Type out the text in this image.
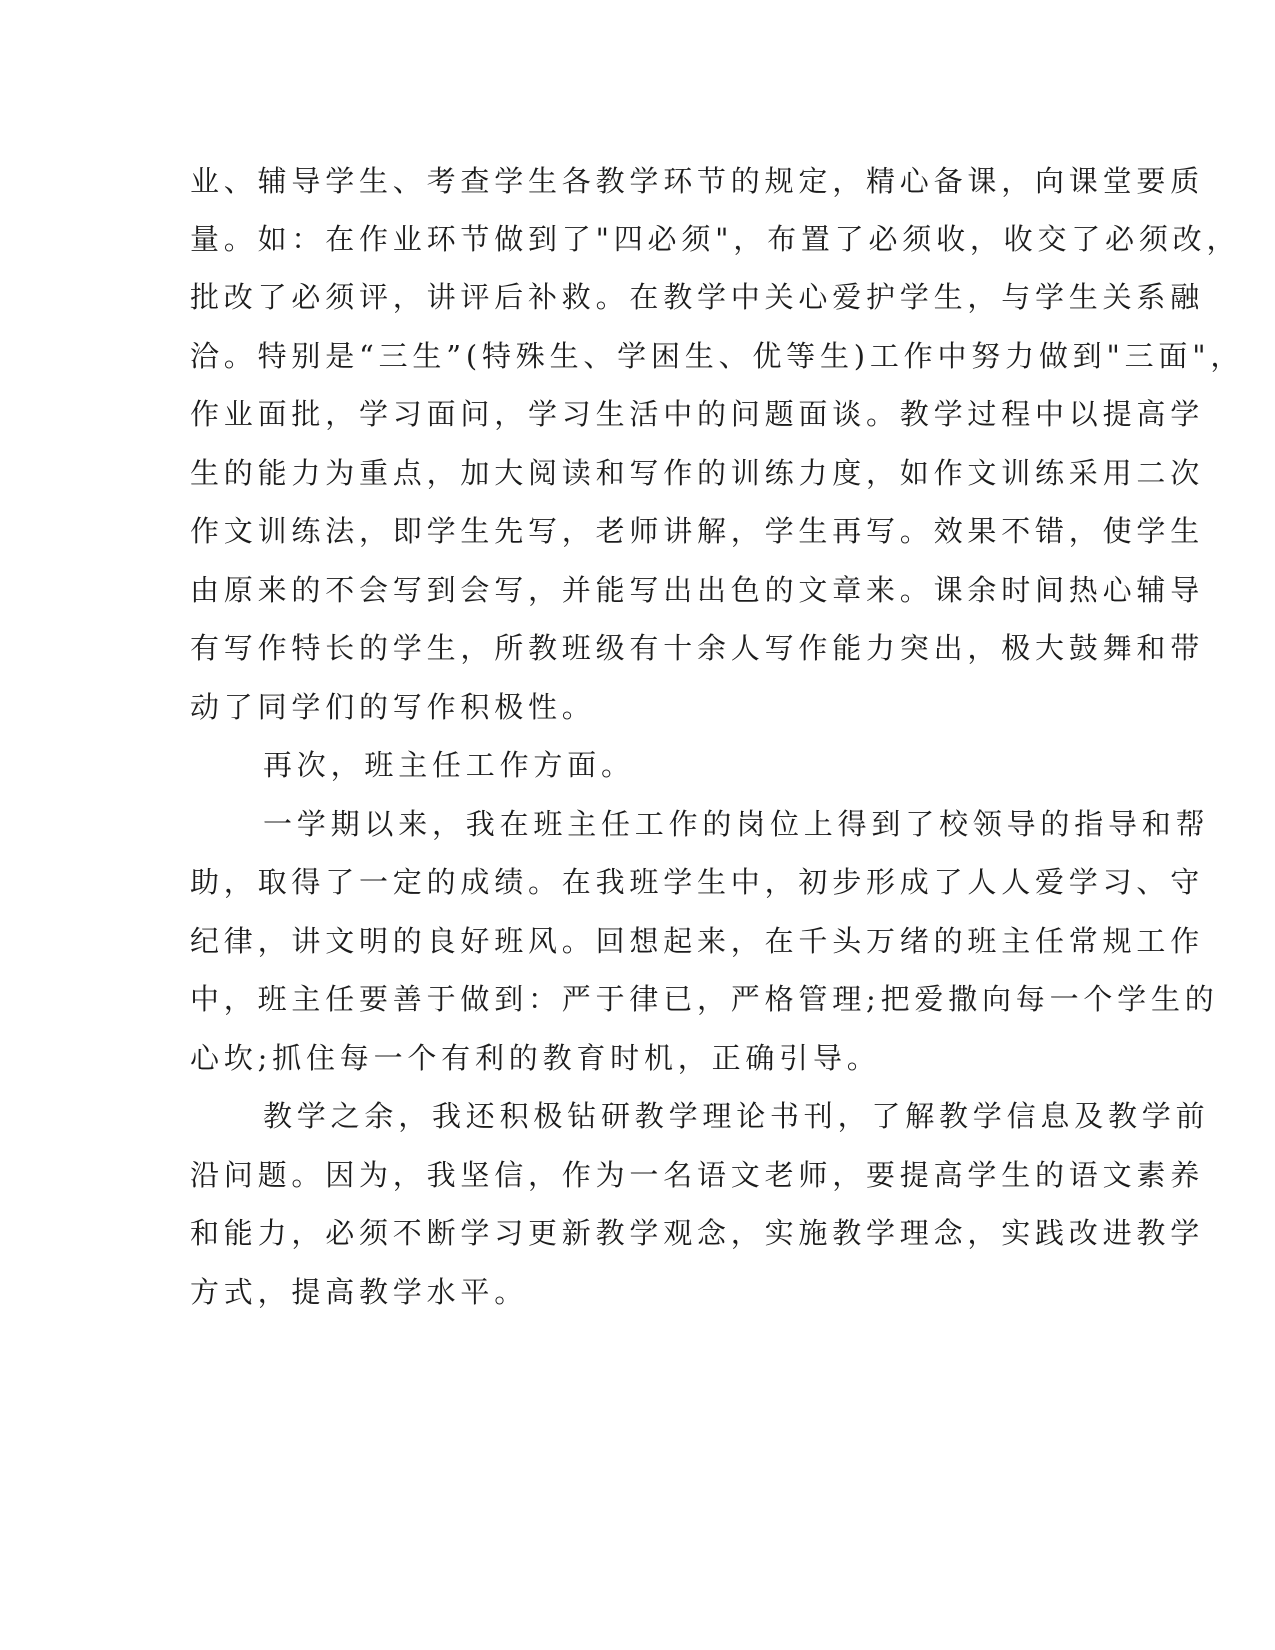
业、辅导学生、考查学生各教学环节的规定，精心备课，向课堂要质
量。如：在作业环节做到了"四必须"，布置了必须收，收交了必须改，
批改了必须评，讲评后补救。在教学中关心爱护学生，与学生关系融
洽。特别是“三生”(特殊生、学困生、优等生)工作中努力做到"三面"，
作业面批，学习面问，学习生活中的问题面谈。教学过程中以提高学
生的能力为重点，加大阅读和写作的训练力度，如作文训练采用二次
作文训练法，即学生先写，老师讲解，学生再写。效果不错，使学生
由原来的不会写到会写，并能写出出色的文章来。课余时间热心辅导
有写作特长的学生，所教班级有十余人写作能力突出，极大鼓舞和带
动了同学们的写作积极性。
再次，班主任工作方面。
一学期以来，我在班主任工作的岗位上得到了校领导的指导和帮
助，取得了一定的成绩。在我班学生中，初步形成了人人爱学习、守
纪律，讲文明的良好班风。回想起来，在千头万绪的班主任常规工作
中，班主任要善于做到：严于律已，严格管理;把爱撒向每一个学生的
心坎;抓住每一个有利的教育时机，正确引导。
教学之余，我还积极钻研教学理论书刊，了解教学信息及教学前
沿问题。因为，我坚信，作为一名语文老师，要提高学生的语文素养
和能力，必须不断学习更新教学观念，实施教学理念，实践改进教学
方式，提高教学水平。
